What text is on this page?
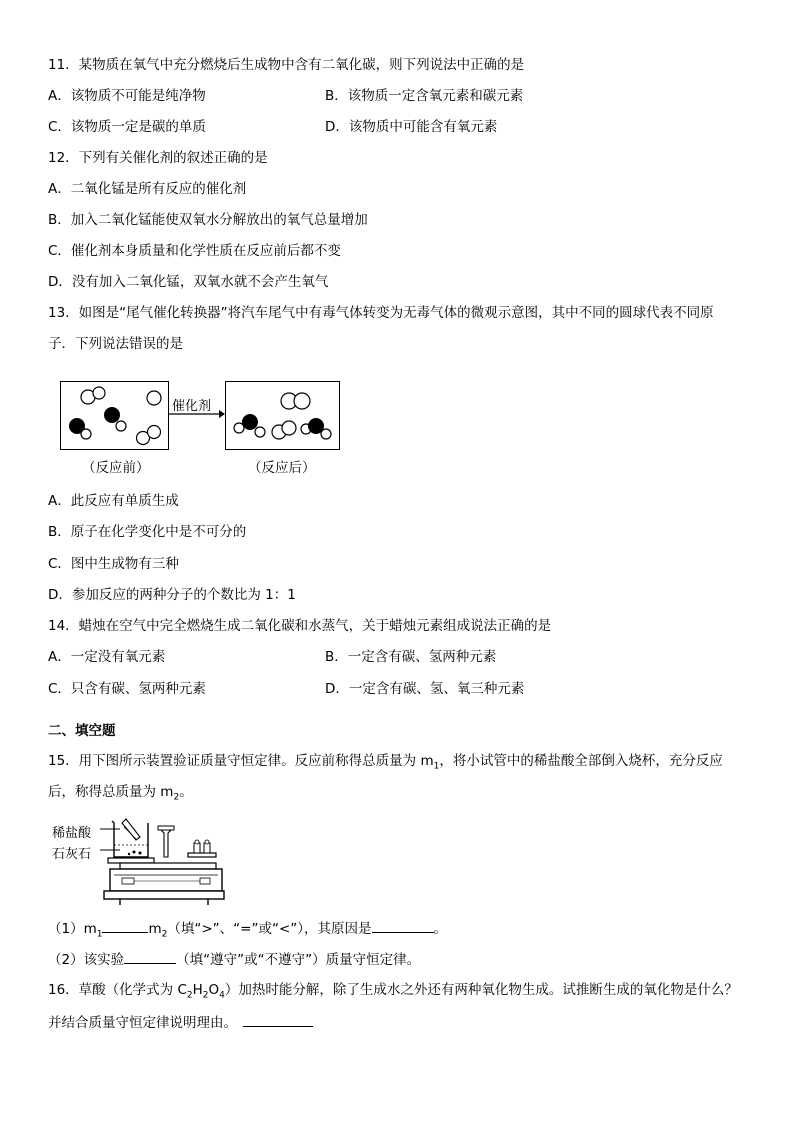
11．某物质在氧气中充分燃烧后生成物中含有二氧化碳，则下列说法中正确的是
A．该物质不可能是纯净物	B．该物质一定含氧元素和碳元素
C．该物质一定是碳的单质	D．该物质中可能含有氧元素
12．下列有关催化剂的叙述正确的是
A．二氧化锰是所有反应的催化剂
B．加入二氧化锰能使双氧水分解放出的氧气总量增加
C．催化剂本身质量和化学性质在反应前后都不变
D．没有加入二氧化锰，双氧水就不会产生氧气
13．如图是“尾气催化转换器”将汽车尾气中有毒气体转变为无毒气体的微观示意图，其中不同的圆球代表不同原
子．下列说法错误的是
催化剂
（反应前）	（反应后）
A．此反应有单质生成
B．原子在化学变化中是不可分的
C．图中生成物有三种
D．参加反应的两种分子的个数比为 1：1
14．蜡烛在空气中完全燃烧生成二氧化碳和水蒸气，关于蜡烛元素组成说法正确的是
A．一定没有氧元素	B．一定含有碳、氢两种元素
C．只含有碳、氢两种元素	D．一定含有碳、氢、氧三种元素
二、填空题
15．用下图所示装置验证质量守恒定律。反应前称得总质量为 $m_1$，将小试管中的稀盐酸全部倒入烧杯，充分反应
后，称得总质量为 $m_2$。
稀盐酸
石灰石
$(1)m_1$	$m_2$（填“>”、“=”或“<”），其原因是	。
（2）该实验	（填“遵守”或“不遵守”）质量守恒定律。
16．草酸（化学式为 $C_2H_2O_4$）加热时能分解，除了生成水之外还有两种氧化物生成。试推断生成的氧化物是什么？
并结合质量守恒定律说明理由。
